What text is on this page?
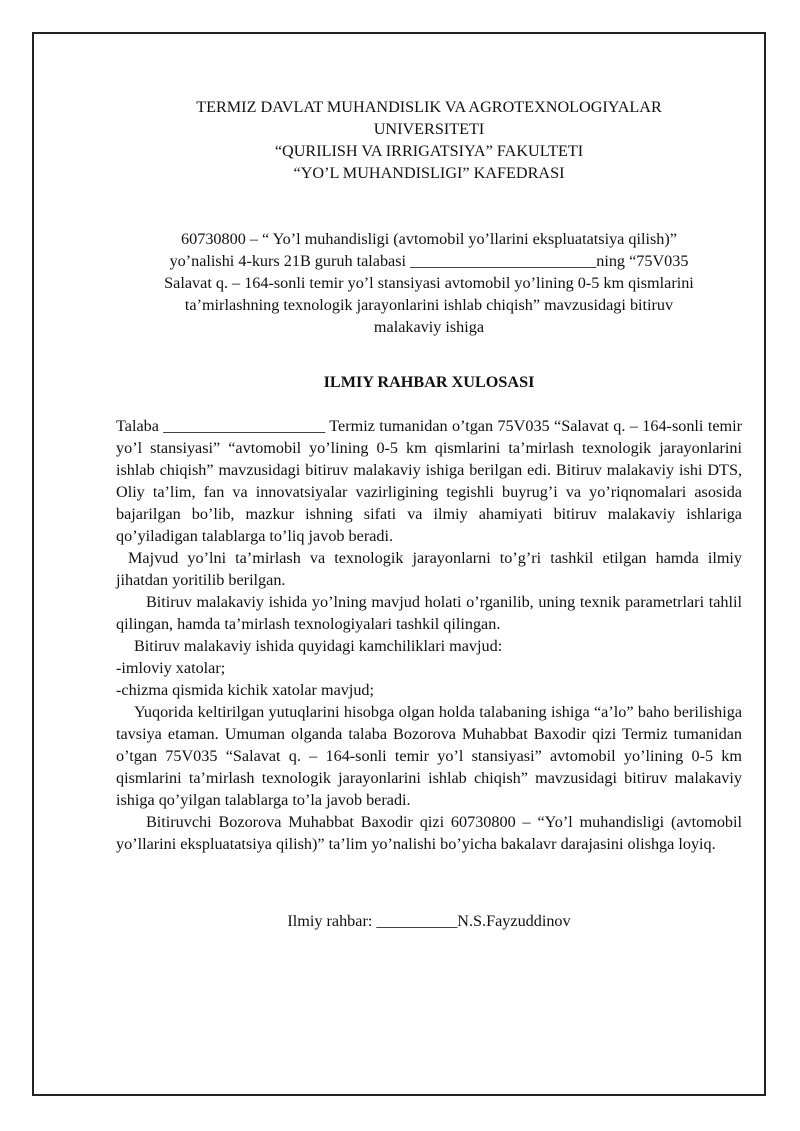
TERMIZ DAVLAT MUHANDISLIK VA AGROTEXNOLOGIYALAR
UNIVERSITETI
“QURILISH VA IRRIGATSIYA” FAKULTETI
“YO’L MUHANDISLIGI” KAFEDRASI
60730800 – “ Yo’l muhandisligi (avtomobil yo’llarini ekspluatatsiya qilish)”
yo’nalishi 4-kurs 21B guruh talabasi _______________________ning “75V035
Salavat q. – 164-sonli temir yo’l stansiyasi avtomobil yo’lining 0-5 km qismlarini
ta’mirlashning texnologik jarayonlarini ishlab chiqish” mavzusidagi bitiruv
malakaviy ishiga
ILMIY RAHBAR XULOSASI

Talaba ____________________ Termiz tumanidan o’tgan 75V035 “Salavat q. – 164-sonli temir yo’l stansiyasi” “avtomobil yo’lining 0-5 km qismlarini ta’mirlash texnologik jarayonlarini ishlab chiqish” mavzusidagi bitiruv malakaviy ishiga berilgan edi. Bitiruv malakaviy ishi DTS, Oliy ta’lim, fan va innovatsiyalar vazirligining tegishli buyrug’i va yo’riqnomalari asosida bajarilgan bo’lib, mazkur ishning sifati va ilmiy ahamiyati bitiruv malakaviy ishlariga qo’yiladigan talablarga to’liq javob beradi.

Majvud yo’lni ta’mirlash va texnologik jarayonlarni to’g’ri tashkil etilgan hamda ilmiy jihatdan yoritilib berilgan.

Bitiruv malakaviy ishida yo’lning mavjud holati o’rganilib, uning texnik parametrlari tahlil qilingan, hamda ta’mirlash texnologiyalari tashkil qilingan.

Bitiruv malakaviy ishida quyidagi kamchiliklari mavjud:

-imloviy xatolar;

-chizma qismida kichik xatolar mavjud;

Yuqorida keltirilgan yutuqlarini hisobga olgan holda talabaning ishiga “a’lo” baho berilishiga tavsiya etaman. Umuman olganda talaba Bozorova Muhabbat Baxodir qizi Termiz tumanidan o’tgan 75V035 “Salavat q. – 164-sonli temir yo’l stansiyasi” avtomobil yo’lining 0-5 km qismlarini ta’mirlash texnologik jarayonlarini ishlab chiqish” mavzusidagi bitiruv malakaviy ishiga qo’yilgan talablarga to’la javob beradi.

Bitiruvchi Bozorova Muhabbat Baxodir qizi 60730800 – “Yo’l muhandisligi (avtomobil yo’llarini ekspluatatsiya qilish)” ta’lim yo’nalishi bo’yicha bakalavr darajasini olishga loyiq.

Ilmiy rahbar: __________N.S.Fayzuddinov
